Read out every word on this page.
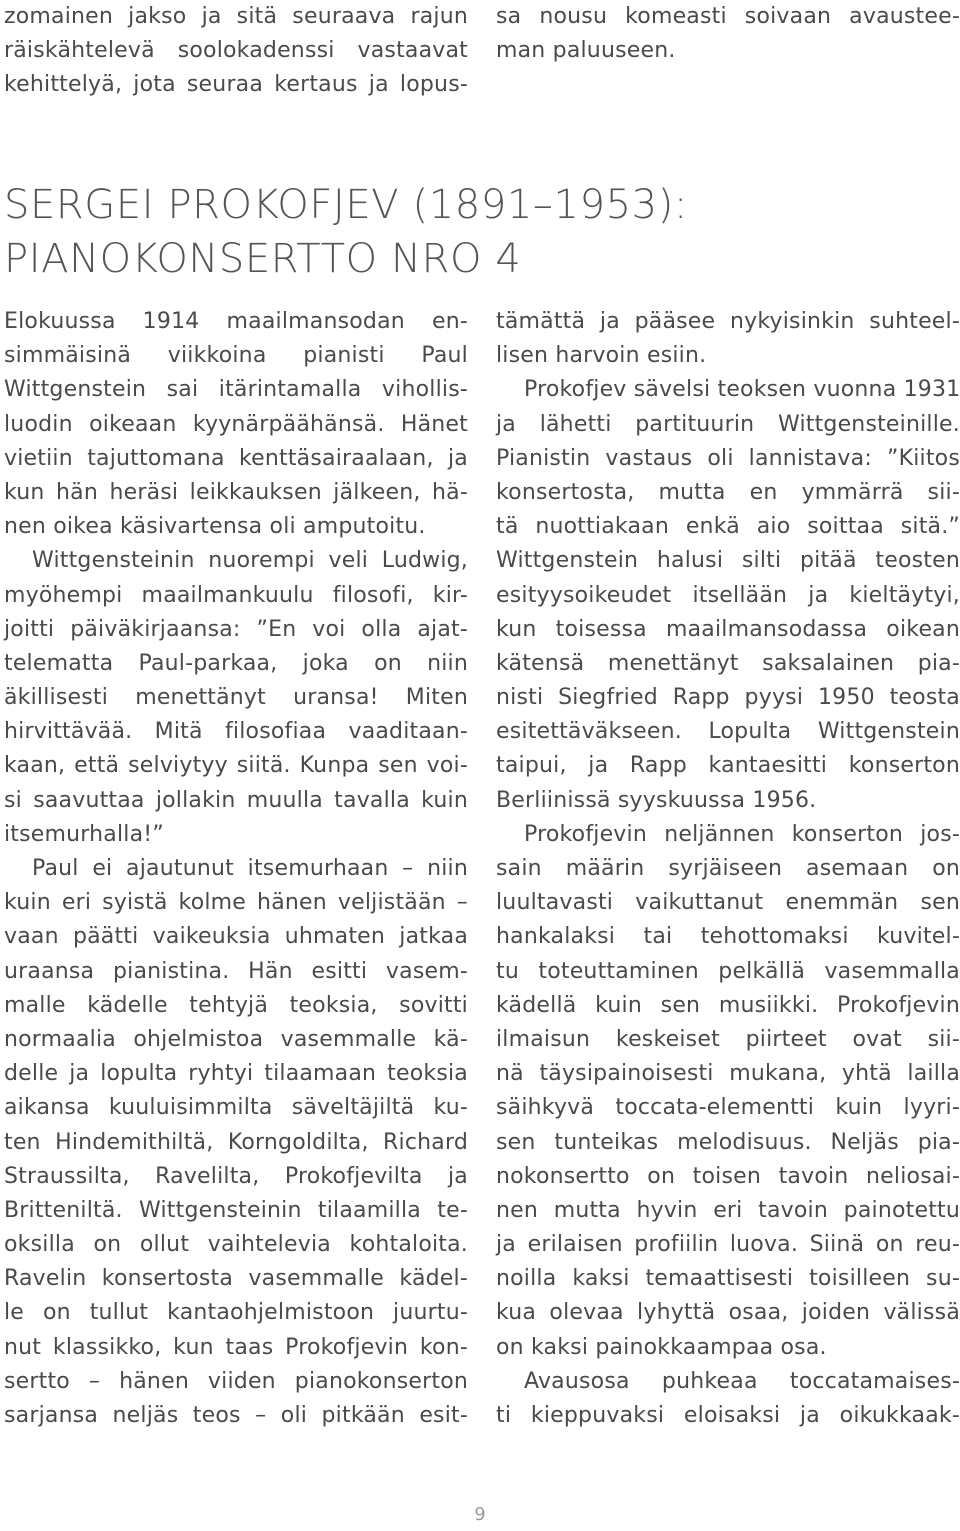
zomainen jakso ja sitä seuraava rajun
räiskähtelevä soolokadenssi vastaavat
kehittelyä, jota seuraa kertaus ja lopus-
sa nousu komeasti soivaan avausteе-
man paluuseen.
SERGEI PROKOFJEV (1891–1953):
PIANOKONSERTTO NRO 4
Elokuussa 1914 maailmansodan en-
simmäisinä viikkoina pianisti Paul
Wittgenstein sai itärintamalla vihollis-
luodin oikeaan kyynärpäähänsä. Hänet
vietiin tajuttomana kenttäsairaalaan, ja
kun hän heräsi leikkauksen jälkeen, hä-
nen oikea käsivartensa oli amputoitu.
Wittgensteinin nuorempi veli Ludwig,
myöhempi maailmankuulu filosofi, kir-
joitti päiväkirjaansa: ”En voi olla ajat-
telematta Paul-parkaa, joka on niin
äkillisesti menettänyt uransa! Miten
hirvittävää. Mitä filosofiaa vaaditaan-
kaan, että selviytyy siitä. Kunpa sen voi-
si saavuttaa jollakin muulla tavalla kuin
itsemurhalla!”
Paul ei ajautunut itsemurhaan – niin
kuin eri syistä kolme hänen veljistään –
vaan päätti vaikeuksia uhmaten jatkaa
uraansa pianistina. Hän esitti vasem-
malle kädelle tehtyjä teoksia, sovitti
normaalia ohjelmistoa vasemmalle kä-
delle ja lopulta ryhtyi tilaamaan teoksia
aikansa kuuluisimmilta säveltäjiltä ku-
ten Hindemithiltä, Korngoldilta, Richard
Straussilta, Ravelilta, Prokofjevilta ja
Britteniltä. Wittgensteinin tilaamilla te-
oksilla on ollut vaihtelevia kohtaloita.
Ravelin konsertosta vasemmalle kädel-
le on tullut kantaohjelmistoon juurtu-
nut klassikko, kun taas Prokofjevin kon-
sertto – hänen viiden pianokonserton
sarjansa neljäs teos – oli pitkään esit-
tämättä ja pääsee nykyisinkin suhteel-
lisen harvoin esiin.
Prokofjev sävelsi teoksen vuonna 1931
ja lähetti partituurin Wittgensteinille.
Pianistin vastaus oli lannistava: ”Kiitos
konsertosta, mutta en ymmärrä sii-
tä nuottiakaan enkä aio soittaa sitä.”
Wittgenstein halusi silti pitää teosten
esityysoikeudet itsellään ja kieltäytyi,
kun toisessa maailmansodassa oikean
kätensä menettänyt saksalainen pia-
nisti Siegfried Rapp pyysi 1950 teosta
esitettäväkseen. Lopulta Wittgenstein
taipui, ja Rapp kantaesitti konserton
Berliinissä syyskuussa 1956.
Prokofjevin neljännen konserton jos-
sain määrin syrjäiseen asemaan on
luultavasti vaikuttanut enemmän sen
hankalaksi tai tehottomaksi kuvitel-
tu toteuttaminen pelkällä vasemmalla
kädellä kuin sen musiikki. Prokofjevin
ilmaisun keskeiset piirteet ovat sii-
nä täysipainoisesti mukana, yhtä lailla
säihkyvä toccata-elementti kuin lyyri-
sen tunteikas melodisuus. Neljäs pia-
nokonsertto on toisen tavoin neliosai-
nen mutta hyvin eri tavoin painotettu
ja erilaisen profiilin luova. Siinä on reu-
noilla kaksi temaattisesti toisilleen su-
kua olevaa lyhyttä osaa, joiden välissä
on kaksi painokkaampaa osa.
Avausosa puhkeaa toccatamaises-
ti kieppuvaksi eloisaksi ja oikukkaak-
9
